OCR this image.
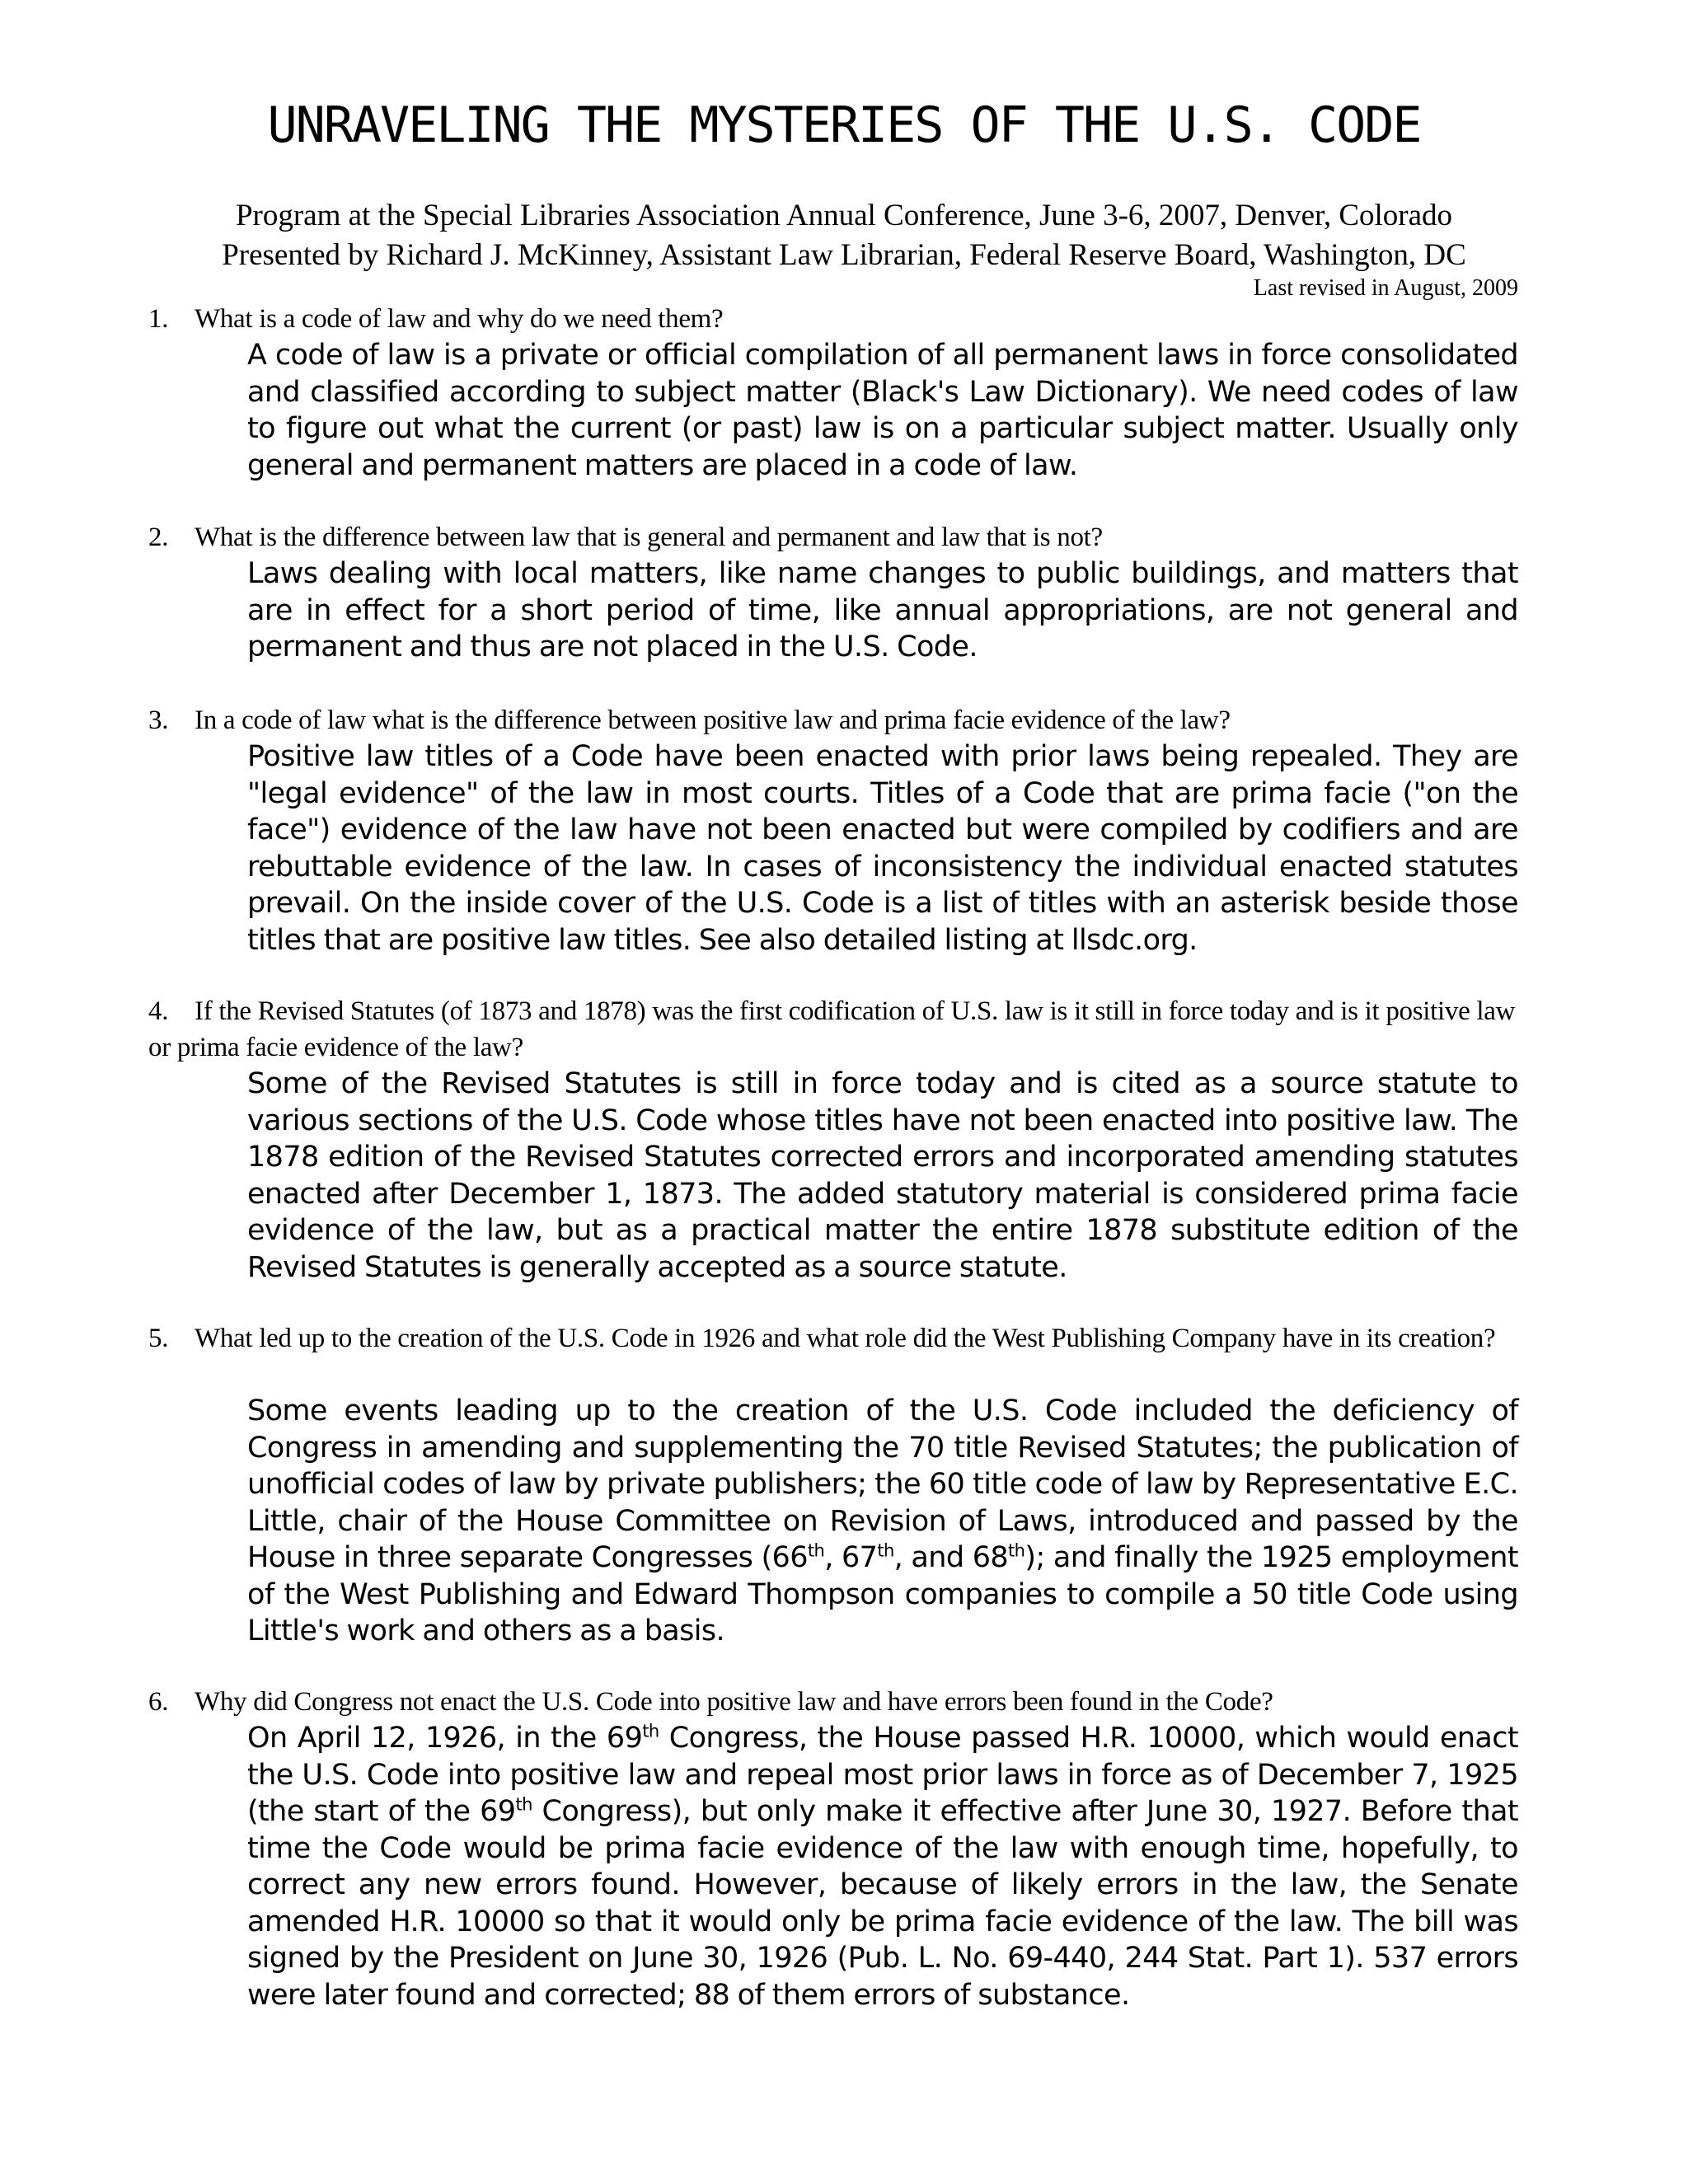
UNRAVELING THE MYSTERIES OF THE U.S. CODE
Program at the Special Libraries Association Annual Conference, June 3-6, 2007, Denver, Colorado
Presented by Richard J. McKinney, Assistant Law Librarian, Federal Reserve Board, Washington, DC
Last revised in August, 2009
1. What is a code of law and why do we need them?
A code of law is a private or official compilation of all permanent laws in force consolidated and classified according to subject matter (Black's Law Dictionary). We need codes of law to figure out what the current (or past) law is on a particular subject matter. Usually only general and permanent matters are placed in a code of law.
2. What is the difference between law that is general and permanent and law that is not?
Laws dealing with local matters, like name changes to public buildings, and matters that are in effect for a short period of time, like annual appropriations, are not general and permanent and thus are not placed in the U.S. Code.
3. In a code of law what is the difference between positive law and prima facie evidence of the law?
Positive law titles of a Code have been enacted with prior laws being repealed. They are "legal evidence" of the law in most courts. Titles of a Code that are prima facie ("on the face") evidence of the law have not been enacted but were compiled by codifiers and are rebuttable evidence of the law. In cases of inconsistency the individual enacted statutes prevail. On the inside cover of the U.S. Code is a list of titles with an asterisk beside those titles that are positive law titles. See also detailed listing at llsdc.org.
4. If the Revised Statutes (of 1873 and 1878) was the first codification of U.S. law is it still in force today and is it positive law or prima facie evidence of the law?
Some of the Revised Statutes is still in force today and is cited as a source statute to various sections of the U.S. Code whose titles have not been enacted into positive law. The 1878 edition of the Revised Statutes corrected errors and incorporated amending statutes enacted after December 1, 1873. The added statutory material is considered prima facie evidence of the law, but as a practical matter the entire 1878 substitute edition of the Revised Statutes is generally accepted as a source statute.
5. What led up to the creation of the U.S. Code in 1926 and what role did the West Publishing Company have in its creation?
Some events leading up to the creation of the U.S. Code included the deficiency of Congress in amending and supplementing the 70 title Revised Statutes; the publication of unofficial codes of law by private publishers; the 60 title code of law by Representative E.C. Little, chair of the House Committee on Revision of Laws, introduced and passed by the House in three separate Congresses (66th, 67th, and 68th); and finally the 1925 employment of the West Publishing and Edward Thompson companies to compile a 50 title Code using Little's work and others as a basis.
6. Why did Congress not enact the U.S. Code into positive law and have errors been found in the Code?
On April 12, 1926, in the 69th Congress, the House passed H.R. 10000, which would enact the U.S. Code into positive law and repeal most prior laws in force as of December 7, 1925 (the start of the 69th Congress), but only make it effective after June 30, 1927. Before that time the Code would be prima facie evidence of the law with enough time, hopefully, to correct any new errors found. However, because of likely errors in the law, the Senate amended H.R. 10000 so that it would only be prima facie evidence of the law. The bill was signed by the President on June 30, 1926 (Pub. L. No. 69-440, 244 Stat. Part 1). 537 errors were later found and corrected; 88 of them errors of substance.
